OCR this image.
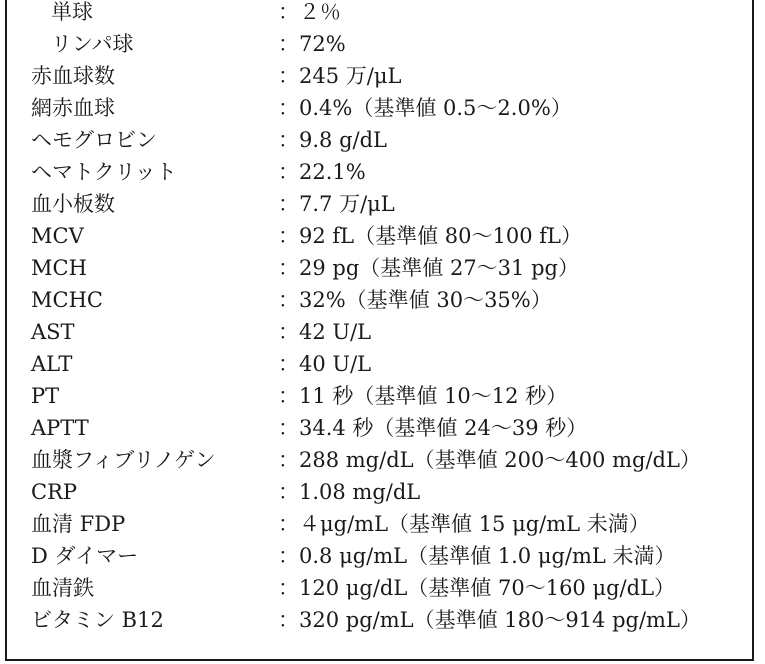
単球	：２％
リンパ球	：72%
赤血球数	：245 万/μL
網赤血球	：0.4%（基準値 0.5〜2.0%）
ヘモグロビン	：9.8 g/dL
ヘマトクリット	：22.1%
血小板数	：7.7 万/μL
MCV	：92 fL（基準値 80〜100 fL）
MCH	：29 pg（基準値 27〜31 pg）
MCHC	：32%（基準値 30〜35%）
AST	：42 U/L
ALT	：40 U/L
PT	：11 秒（基準値 10〜12 秒）
APTT	：34.4 秒（基準値 24〜39 秒）
血漿フィブリノゲン	：288 mg/dL（基準値 200〜400 mg/dL）
CRP	：1.08 mg/dL
血清 FDP	：４μg/mL（基準値 15 μg/mL 未満）
D ダイマー	：0.8 μg/mL（基準値 1.0 μg/mL 未満）
血清鉄	：120 μg/dL（基準値 70〜160 μg/dL）
ビタミン B12	：320 pg/mL（基準値 180〜914 pg/mL）
